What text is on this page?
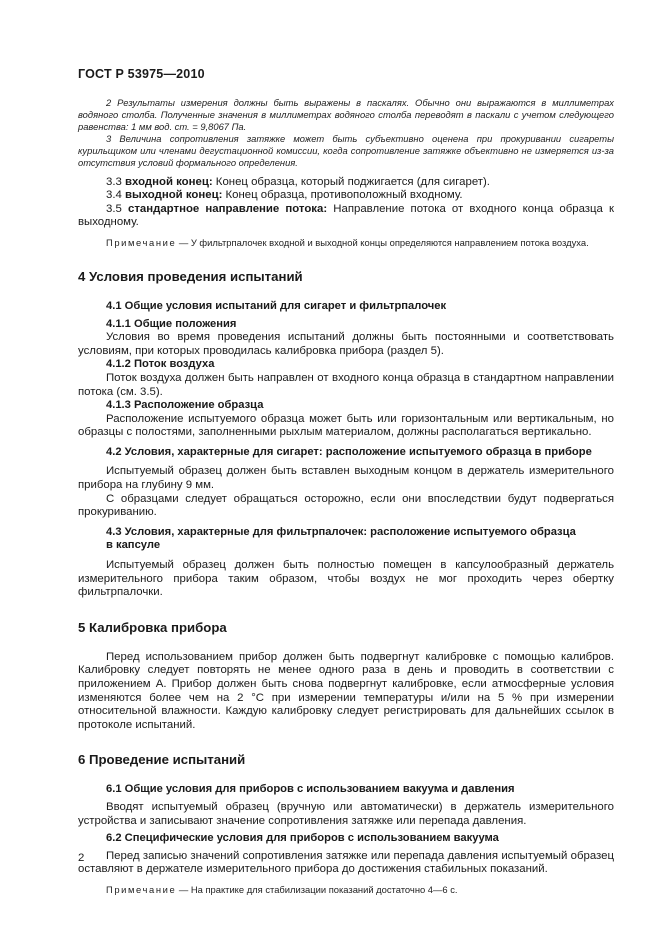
ГОСТ Р 53975—2010

2 Результаты измерения должны быть выражены в паскалях. Обычно они выражаются в миллиметрах водяного столба. Полученные значения в миллиметрах водяного столба переводят в паскали с учетом следующего равенства: 1 мм вод. ст. = 9,8067 Па.

3 Величина сопротивления затяжке может быть субъективно оценена при прокуривании сигареты курильщиком или членами дегустационной комиссии, когда сопротивление затяжке объективно не измеряется из-за отсутствия условий формального определения.

3.3 входной конец: Конец образца, который поджигается (для сигарет).

3.4 выходной конец: Конец образца, противоположный входному.

3.5 стандартное направление потока: Направление потока от входного конца образца к выходному.

Примечание — У фильтрпалочек входной и выходной концы определяются направлением потока воздуха.

4 Условия проведения испытаний
4.1 Общие условия испытаний для сигарет и фильтрпалочек
4.1.1 Общие положения

Условия во время проведения испытаний должны быть постоянными и соответствовать условиям, при которых проводилась калибровка прибора (раздел 5).

4.1.2 Поток воздуха

Поток воздуха должен быть направлен от входного конца образца в стандартном направлении потока (см. 3.5).

4.1.3 Расположение образца

Расположение испытуемого образца может быть или горизонтальным или вертикальным, но образцы с полостями, заполненными рыхлым материалом, должны располагаться вертикально.

4.2 Условия, характерные для сигарет: расположение испытуемого образца в приборе

Испытуемый образец должен быть вставлен выходным концом в держатель измерительного прибора на глубину 9 мм.

С образцами следует обращаться осторожно, если они впоследствии будут подвергаться прокуриванию.

4.3 Условия, характерные для фильтрпалочек: расположение испытуемого образца
в капсуле

Испытуемый образец должен быть полностью помещен в капсулообразный держатель измерительного прибора таким образом, чтобы воздух не мог проходить через обертку фильтрпалочки.

5 Калибровка прибора

Перед использованием прибор должен быть подвергнут калибровке с помощью калибров. Калибровку следует повторять не менее одного раза в день и проводить в соответствии с приложением А. Прибор должен быть снова подвергнут калибровке, если атмосферные условия изменяются более чем на 2 °С при измерении температуры и/или на 5 % при измерении относительной влажности. Каждую калибровку следует регистрировать для дальнейших ссылок в протоколе испытаний.

6 Проведение испытаний
6.1 Общие условия для приборов с использованием вакуума и давления

Вводят испытуемый образец (вручную или автоматически) в держатель измерительного устройства и записывают значение сопротивления затяжке или перепада давления.

6.2 Специфические условия для приборов с использованием вакуума

Перед записью значений сопротивления затяжке или перепада давления испытуемый образец оставляют в держателе измерительного прибора до достижения стабильных показаний.

Примечание — На практике для стабилизации показаний достаточно 4—6 с.

2
